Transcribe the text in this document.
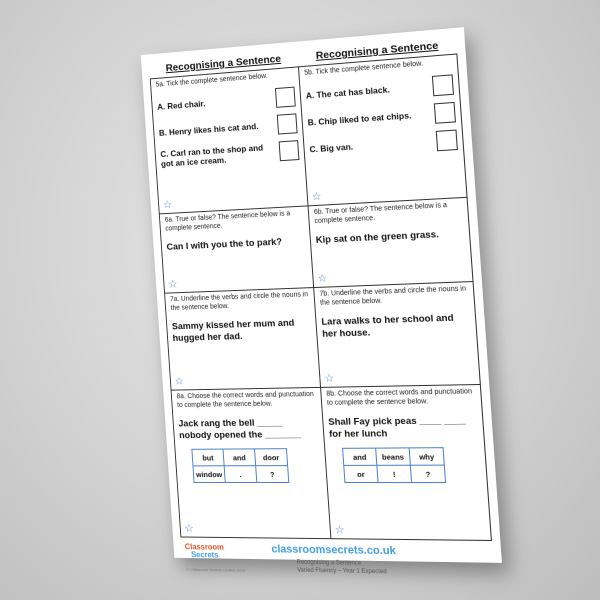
Recognising a Sentence
Recognising a Sentence
5a. Tick the complete sentence below.
A. Red chair.
B. Henry likes his cat and.
C. Carl ran to the shop and got an ice cream.
☆
5b. Tick the complete sentence below.
A. The cat has black.
B. Chip liked to eat chips.
C. Big van.
☆
6a. True or false? The sentence below is a complete sentence.
Can I with you the to park?
☆
6b. True or false? The sentence below is a complete sentence.
Kip sat on the green grass.
☆
7a. Underline the verbs and circle the nouns in the sentence below.
Sammy kissed her mum and hugged her dad.
☆
7b. Underline the verbs and circle the nouns in the sentence below.
Lara walks to her school and her house.
☆
8a. Choose the correct words and punctuation to complete the sentence below.
Jack rang the bell _____ nobody opened the _______
but	and	door
window	.	?
☆
8b. Choose the correct words and punctuation to complete the sentence below.
Shall Fay pick peas ____ ____ for her lunch
and	beans	why
or	!	?
☆
Classroom
Secrets
© Classroom Secrets Limited 2019
classroomsecrets.co.uk
Recognising a Sentence
Varied Fluency – Year 1 Expected
